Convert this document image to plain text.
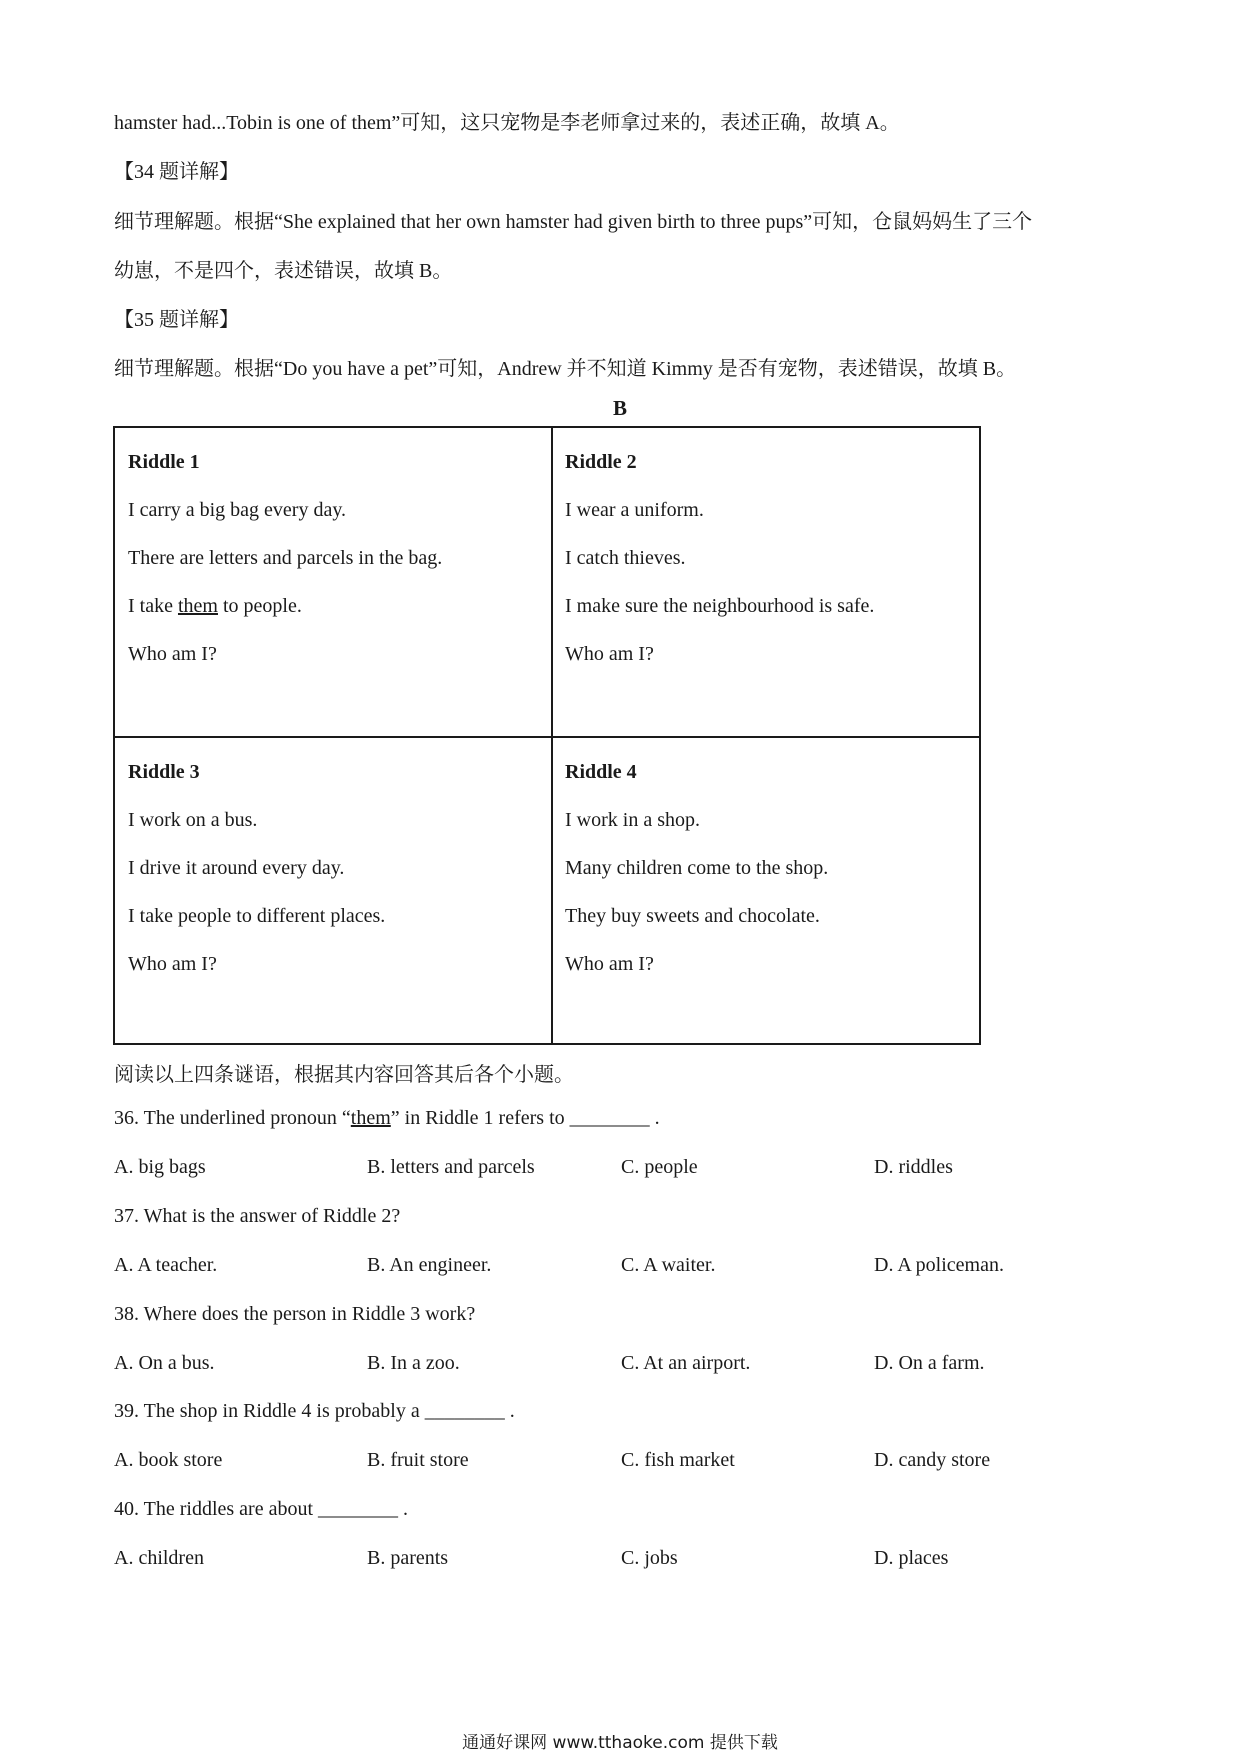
hamster had...Tobin is one of them”可知，这只宠物是李老师拿过来的，表述正确，故填 A。
【34 题详解】
细节理解题。根据“She explained that her own hamster had given birth to three pups”可知，仓鼠妈妈生了三个
幼崽，不是四个，表述错误，故填 B。
【35 题详解】
细节理解题。根据“Do you have a pet”可知，Andrew 并不知道 Kimmy 是否有宠物，表述错误，故填 B。
B
Riddle 1
I carry a big bag every day.
There are letters and parcels in the bag.
I take them to people.
Who am I?
Riddle 2
I wear a uniform.
I catch thieves.
I make sure the neighbourhood is safe.
Who am I?
Riddle 3
I work on a bus.
I drive it around every day.
I take people to different places.
Who am I?
Riddle 4
I work in a shop.
Many children come to the shop.
They buy sweets and chocolate.
Who am I?
阅读以上四条谜语，根据其内容回答其后各个小题。
36. The underlined pronoun “them” in Riddle 1 refers to ________ .
A. big bags	B. letters and parcels	C. people	D. riddles
37. What is the answer of Riddle 2?
A. A teacher.	B. An engineer.	C. A waiter.	D. A policeman.
38. Where does the person in Riddle 3 work?
A. On a bus.	B. In a zoo.	C. At an airport.	D. On a farm.
39. The shop in Riddle 4 is probably a ________ .
A. book store	B. fruit store	C. fish market	D. candy store
40. The riddles are about ________ .
A. children	B. parents	C. jobs	D. places
通通好课网 www.tthaoke.com 提供下载
